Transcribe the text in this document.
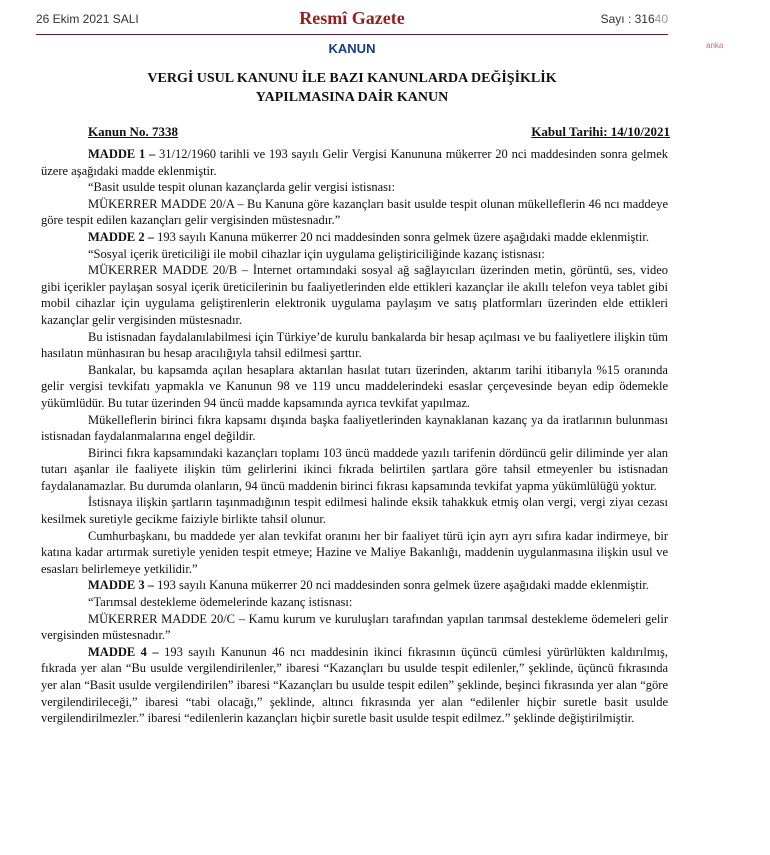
26 Ekim 2021 SALI	Resmî Gazete	Sayı : 31640
anka
KANUN
VERGİ USUL KANUNU İLE BAZI KANUNLARDA DEĞİŞİKLİK
YAPILMASINA DAİR KANUN
Kanun No. 7338	Kabul Tarihi: 14/10/2021

MADDE 1 – 31/12/1960 tarihli ve 193 sayılı Gelir Vergisi Kanununa mükerrer 20 nci maddesinden sonra gelmek üzere aşağıdaki madde eklenmiştir.

“Basit usulde tespit olunan kazançlarda gelir vergisi istisnası:

MÜKERRER MADDE 20/A – Bu Kanuna göre kazançları basit usulde tespit olunan mükelleflerin 46 ncı maddeye göre tespit edilen kazançları gelir vergisinden müstesnadır.”

MADDE 2 – 193 sayılı Kanuna mükerrer 20 nci maddesinden sonra gelmek üzere aşağıdaki madde eklenmiştir.

“Sosyal içerik üreticiliği ile mobil cihazlar için uygulama geliştiriciliğinde kazanç istisnası:

MÜKERRER MADDE 20/B – İnternet ortamındaki sosyal ağ sağlayıcıları üzerinden metin, görüntü, ses, video gibi içerikler paylaşan sosyal içerik üreticilerinin bu faaliyetlerinden elde ettikleri kazançlar ile akıllı telefon veya tablet gibi mobil cihazlar için uygulama geliştirenlerin elektronik uygulama paylaşım ve satış platformları üzerinden elde ettikleri kazançlar gelir vergisinden müstesnadır.

Bu istisnadan faydalanılabilmesi için Türkiye’de kurulu bankalarda bir hesap açılması ve bu faaliyetlere ilişkin tüm hasılatın münhasıran bu hesap aracılığıyla tahsil edilmesi şarttır.

Bankalar, bu kapsamda açılan hesaplara aktarılan hasılat tutarı üzerinden, aktarım tarihi itibarıyla %15 oranında gelir vergisi tevkifatı yapmakla ve Kanunun 98 ve 119 uncu maddelerindeki esaslar çerçevesinde beyan edip ödemekle yükümlüdür. Bu tutar üzerinden 94 üncü madde kapsamında ayrıca tevkifat yapılmaz.

Mükelleflerin birinci fıkra kapsamı dışında başka faaliyetlerinden kaynaklanan kazanç ya da iratlarının bulunması istisnadan faydalanmalarına engel değildir.

Birinci fıkra kapsamındaki kazançları toplamı 103 üncü maddede yazılı tarifenin dördüncü gelir diliminde yer alan tutarı aşanlar ile faaliyete ilişkin tüm gelirlerini ikinci fıkrada belirtilen şartlara göre tahsil etmeyenler bu istisnadan faydalanamazlar. Bu durumda olanların, 94 üncü maddenin birinci fıkrası kapsamında tevkifat yapma yükümlülüğü yoktur.

İstisnaya ilişkin şartların taşınmadığının tespit edilmesi halinde eksik tahakkuk etmiş olan vergi, vergi ziyaı cezası kesilmek suretiyle gecikme faiziyle birlikte tahsil olunur.

Cumhurbaşkanı, bu maddede yer alan tevkifat oranını her bir faaliyet türü için ayrı ayrı sıfıra kadar indirmeye, bir katına kadar artırmak suretiyle yeniden tespit etmeye; Hazine ve Maliye Bakanlığı, maddenin uygulanmasına ilişkin usul ve esasları belirlemeye yetkilidir.”

MADDE 3 – 193 sayılı Kanuna mükerrer 20 nci maddesinden sonra gelmek üzere aşağıdaki madde eklenmiştir.

“Tarımsal destekleme ödemelerinde kazanç istisnası:

MÜKERRER MADDE 20/C – Kamu kurum ve kuruluşları tarafından yapılan tarımsal destekleme ödemeleri gelir vergisinden müstesnadır.”

MADDE 4 – 193 sayılı Kanunun 46 ncı maddesinin ikinci fıkrasının üçüncü cümlesi yürürlükten kaldırılmış, fıkrada yer alan “Bu usulde vergilendirilenler,” ibaresi “Kazançları bu usulde tespit edilenler,” şeklinde, üçüncü fıkrasında yer alan “Basit usulde vergilendirilen” ibaresi “Kazançları bu usulde tespit edilen” şeklinde, beşinci fıkrasında yer alan “göre vergilendirileceği,” ibaresi “tabi olacağı,” şeklinde, altıncı fıkrasında yer alan “edilenler hiçbir suretle basit usulde vergilendirilmezler.” ibaresi “edilenlerin kazançları hiçbir suretle basit usulde tespit edilmez.” şeklinde değiştirilmiştir.
